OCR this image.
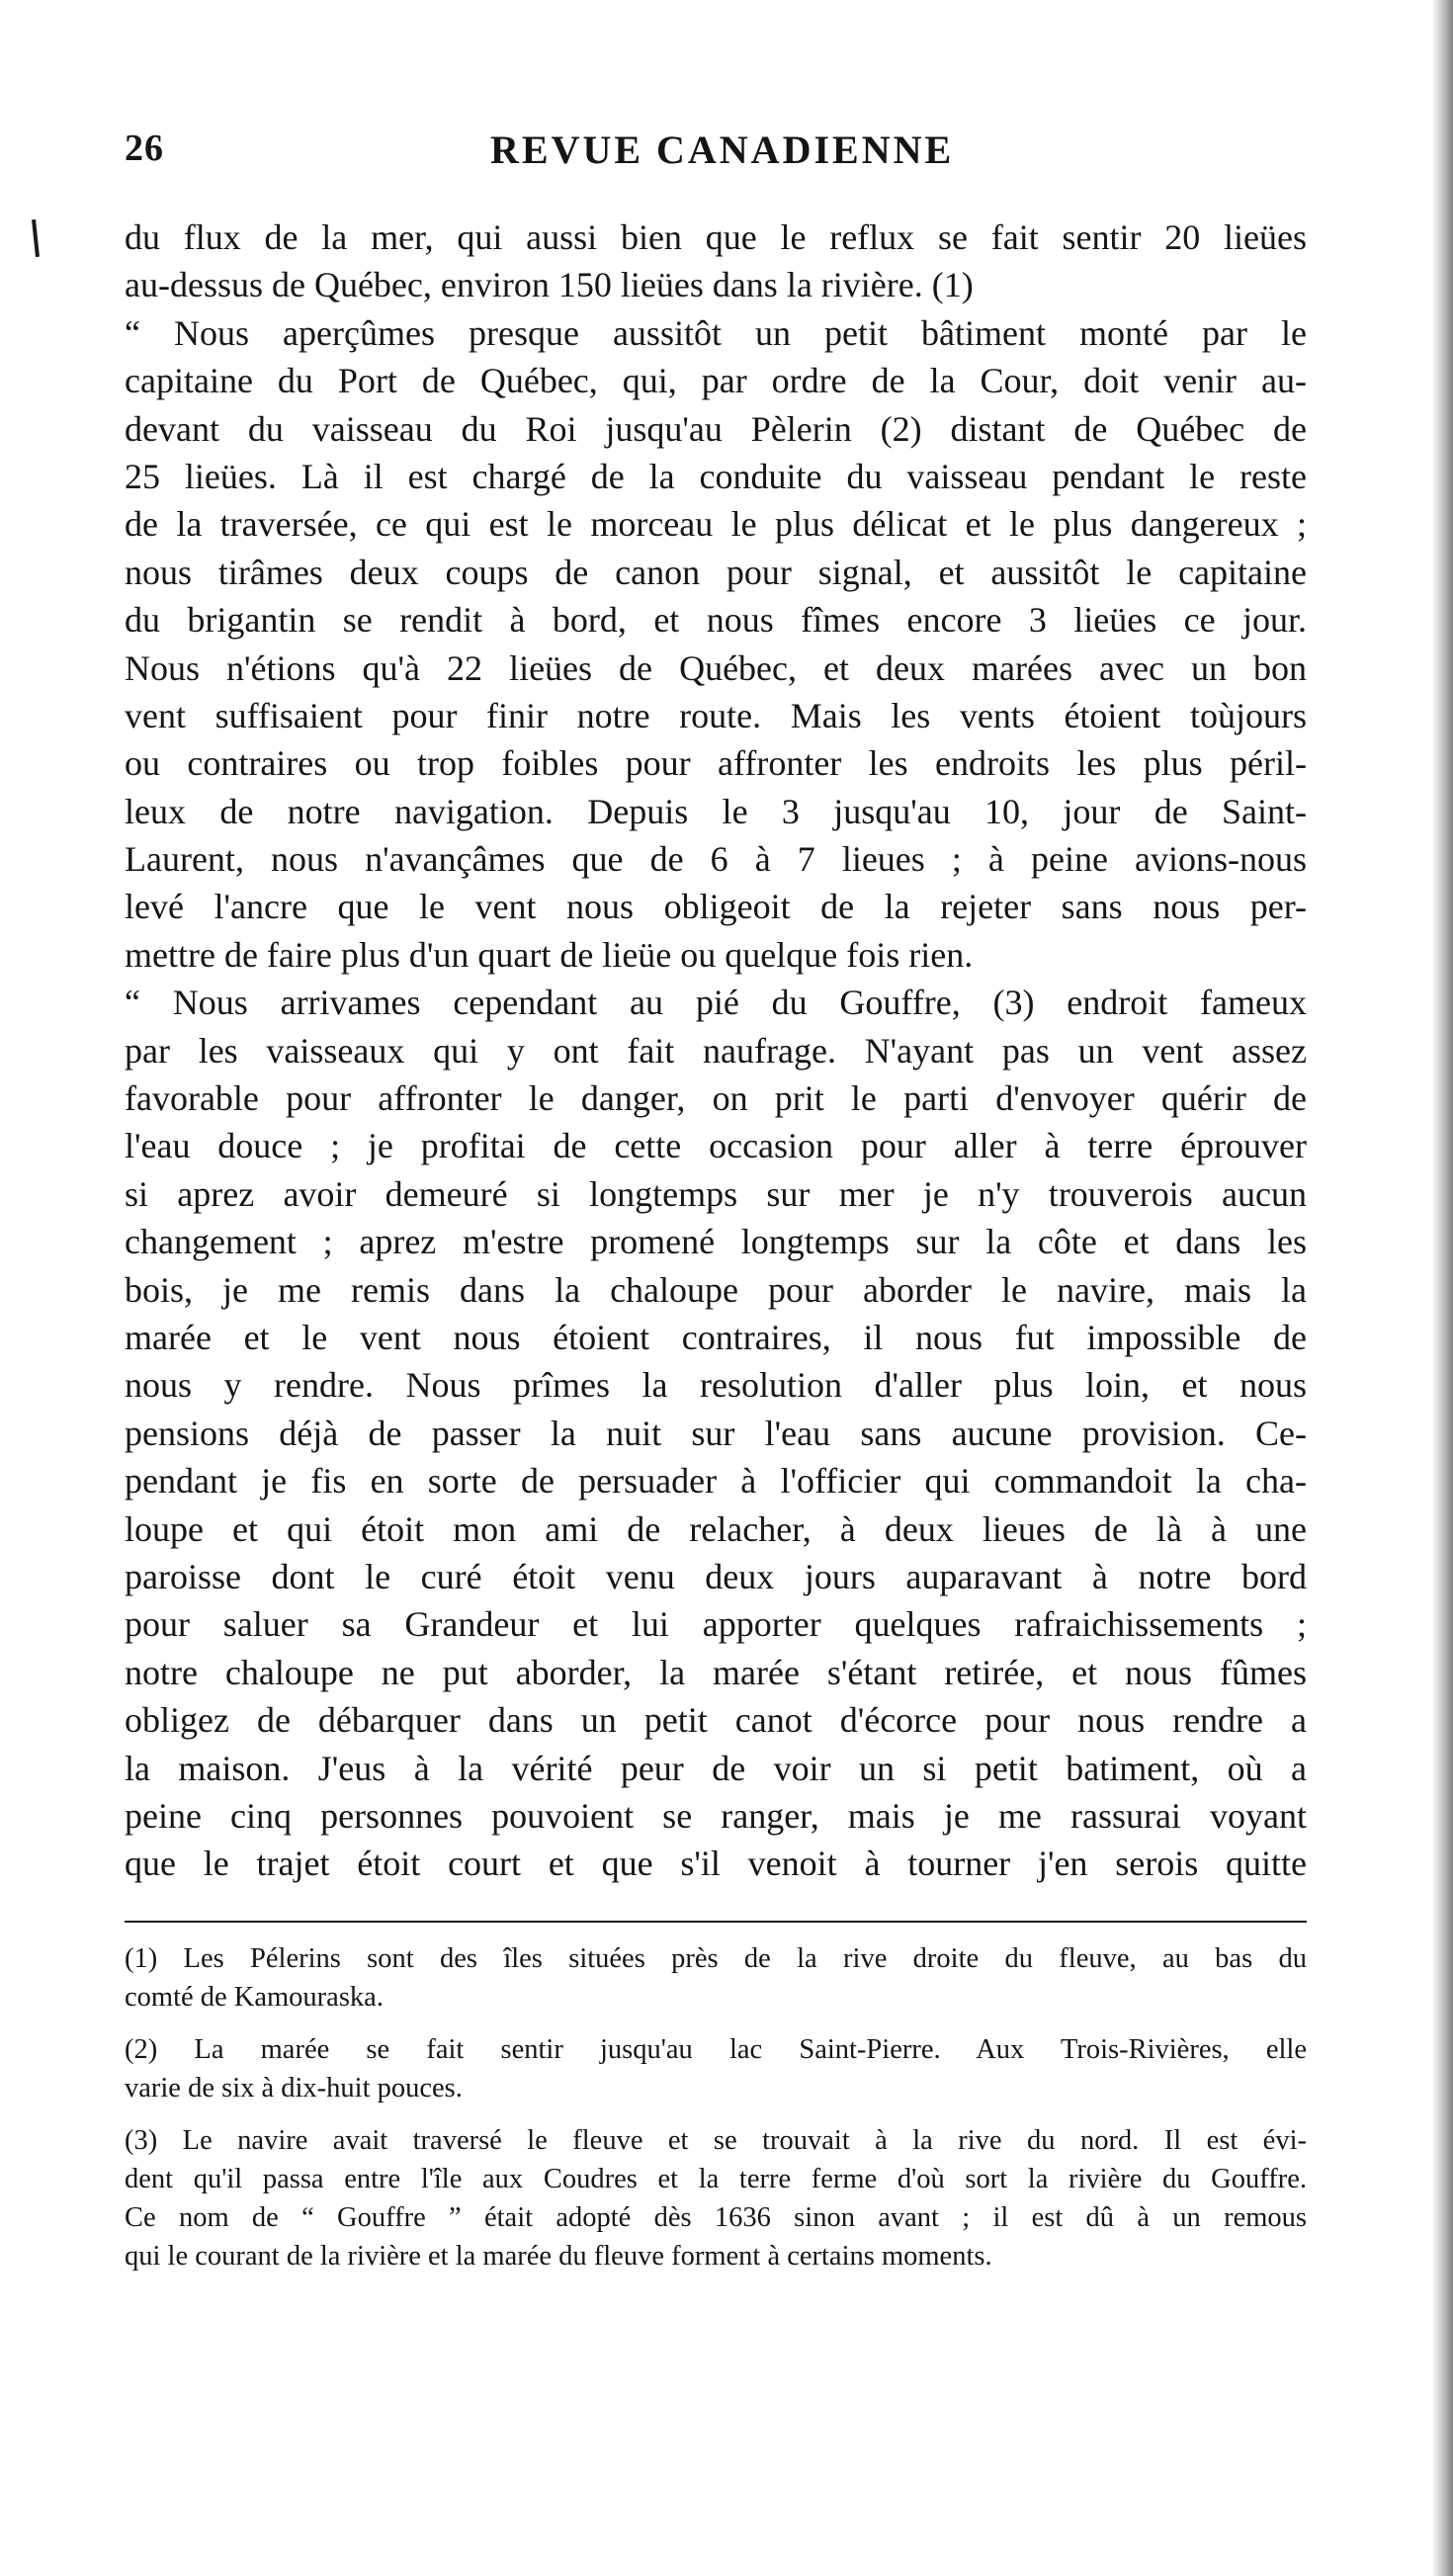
26	REVUE CANADIENNE
du flux de la mer, qui aussi bien que le reflux se fait sentir 20 lieües
au-dessus de Québec, environ 150 lieües dans la rivière. (1)
“ Nous aperçûmes presque aussitôt un petit bâtiment monté par le
capitaine du Port de Québec, qui, par ordre de la Cour, doit venir au-
devant du vaisseau du Roi jusqu'au Pèlerin (2) distant de Québec de
25 lieües. Là il est chargé de la conduite du vaisseau pendant le reste
de la traversée, ce qui est le morceau le plus délicat et le plus dangereux ;
nous tirâmes deux coups de canon pour signal, et aussitôt le capitaine
du brigantin se rendit à bord, et nous fîmes encore 3 lieües ce jour.
Nous n'étions qu'à 22 lieües de Québec, et deux marées avec un bon
vent suffisaient pour finir notre route. Mais les vents étoient toùjours
ou contraires ou trop foibles pour affronter les endroits les plus péril-
leux de notre navigation. Depuis le 3 jusqu'au 10, jour de Saint-
Laurent, nous n'avançâmes que de 6 à 7 lieues ; à peine avions-nous
levé l'ancre que le vent nous obligeoit de la rejeter sans nous per-
mettre de faire plus d'un quart de lieüe ou quelque fois rien.
“ Nous arrivames cependant au pié du Gouffre, (3) endroit fameux
par les vaisseaux qui y ont fait naufrage. N'ayant pas un vent assez
favorable pour affronter le danger, on prit le parti d'envoyer quérir de
l'eau douce ; je profitai de cette occasion pour aller à terre éprouver
si aprez avoir demeuré si longtemps sur mer je n'y trouverois aucun
changement ; aprez m'estre promené longtemps sur la côte et dans les
bois, je me remis dans la chaloupe pour aborder le navire, mais la
marée et le vent nous étoient contraires, il nous fut impossible de
nous y rendre. Nous prîmes la resolution d'aller plus loin, et nous
pensions déjà de passer la nuit sur l'eau sans aucune provision. Ce-
pendant je fis en sorte de persuader à l'officier qui commandoit la cha-
loupe et qui étoit mon ami de relacher, à deux lieues de là à une
paroisse dont le curé étoit venu deux jours auparavant à notre bord
pour saluer sa Grandeur et lui apporter quelques rafraichissements ;
notre chaloupe ne put aborder, la marée s'étant retirée, et nous fûmes
obligez de débarquer dans un petit canot d'écorce pour nous rendre a
la maison. J'eus à la vérité peur de voir un si petit batiment, où a
peine cinq personnes pouvoient se ranger, mais je me rassurai voyant
que le trajet étoit court et que s'il venoit à tourner j'en serois quitte
(1) Les Pélerins sont des îles situées près de la rive droite du fleuve, au bas du
comté de Kamouraska.
(2) La marée se fait sentir jusqu'au lac Saint-Pierre. Aux Trois-Rivières, elle
varie de six à dix-huit pouces.
(3) Le navire avait traversé le fleuve et se trouvait à la rive du nord. Il est évi-
dent qu'il passa entre l'île aux Coudres et la terre ferme d'où sort la rivière du Gouffre.
Ce nom de “ Gouffre ” était adopté dès 1636 sinon avant ; il est dû à un remous
qui le courant de la rivière et la marée du fleuve forment à certains moments.
